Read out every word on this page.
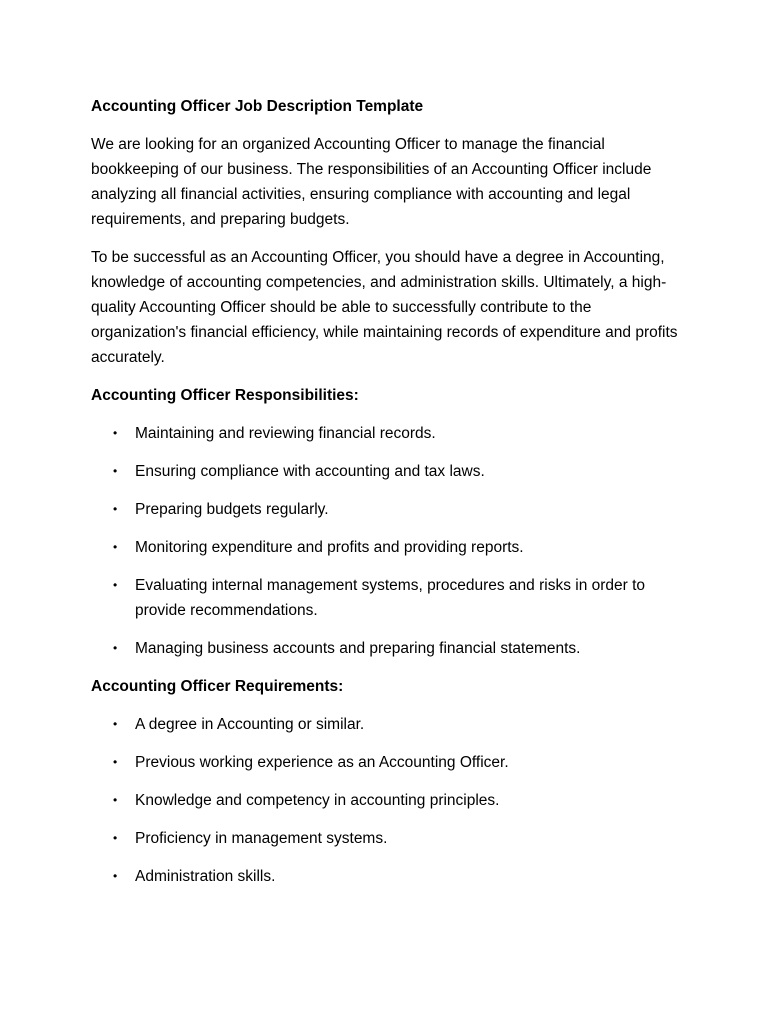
Accounting Officer Job Description Template

We are looking for an organized Accounting Officer to manage the financial bookkeeping of our business. The responsibilities of an Accounting Officer include analyzing all financial activities, ensuring compliance with accounting and legal requirements, and preparing budgets.

To be successful as an Accounting Officer, you should have a degree in Accounting, knowledge of accounting competencies, and administration skills. Ultimately, a high-quality Accounting Officer should be able to successfully contribute to the organization's financial efficiency, while maintaining records of expenditure and profits accurately.

Accounting Officer Responsibilities:
• Maintaining and reviewing financial records.
• Ensuring compliance with accounting and tax laws.
• Preparing budgets regularly.
• Monitoring expenditure and profits and providing reports.
• Evaluating internal management systems, procedures and risks in order to provide recommendations.
• Managing business accounts and preparing financial statements.
Accounting Officer Requirements:
• A degree in Accounting or similar.
• Previous working experience as an Accounting Officer.
• Knowledge and competency in accounting principles.
• Proficiency in management systems.
• Administration skills.
